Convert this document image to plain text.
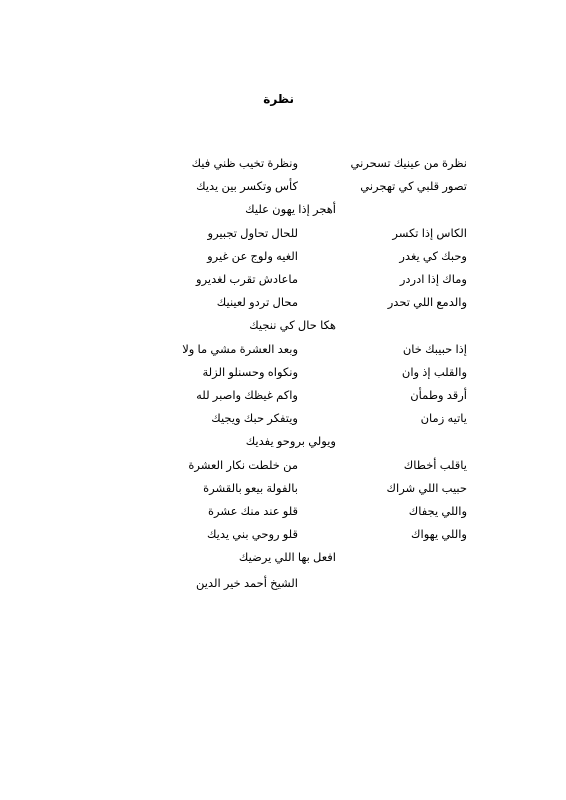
نظرة
نظرة من عينيك تسحرني
ونظرة تخيب ظني فيك
تصور قلبي كي تهجرني
كأس وتكسر بين يديك
أهجر إذا يهون عليك
الكاس إذا تكسر
للحال تحاول تجبيرو
وحبك كي يغدر
الغيه ولوج عن غيرو
وماك إذا ادردر
ماعادش تقرب لغديرو
والدمع اللي تحدر
محال تردو لعينيك
هكا حال كي ننجيك
إذا حبيبك خان
وبعد العشرة مشي ما ولا
والقلب إذ وان
ونكواه وحسنلو الزلة
أرقد وطمأن
واكم غيظك واصبر لله
ياتيه زمان
ويتفكر حبك ويجيك
ويولي بروحو يفديك
ياقلب أخطاك
من خلطت نكار العشرة
حبيب اللي شراك
بالفولة بيعو بالقشرة
واللي يجفاك
قلو عند منك عشرة
واللي يهواك
قلو روحي بني يديك
افعل بها اللي يرضيك
الشيخ أحمد خير الدين
